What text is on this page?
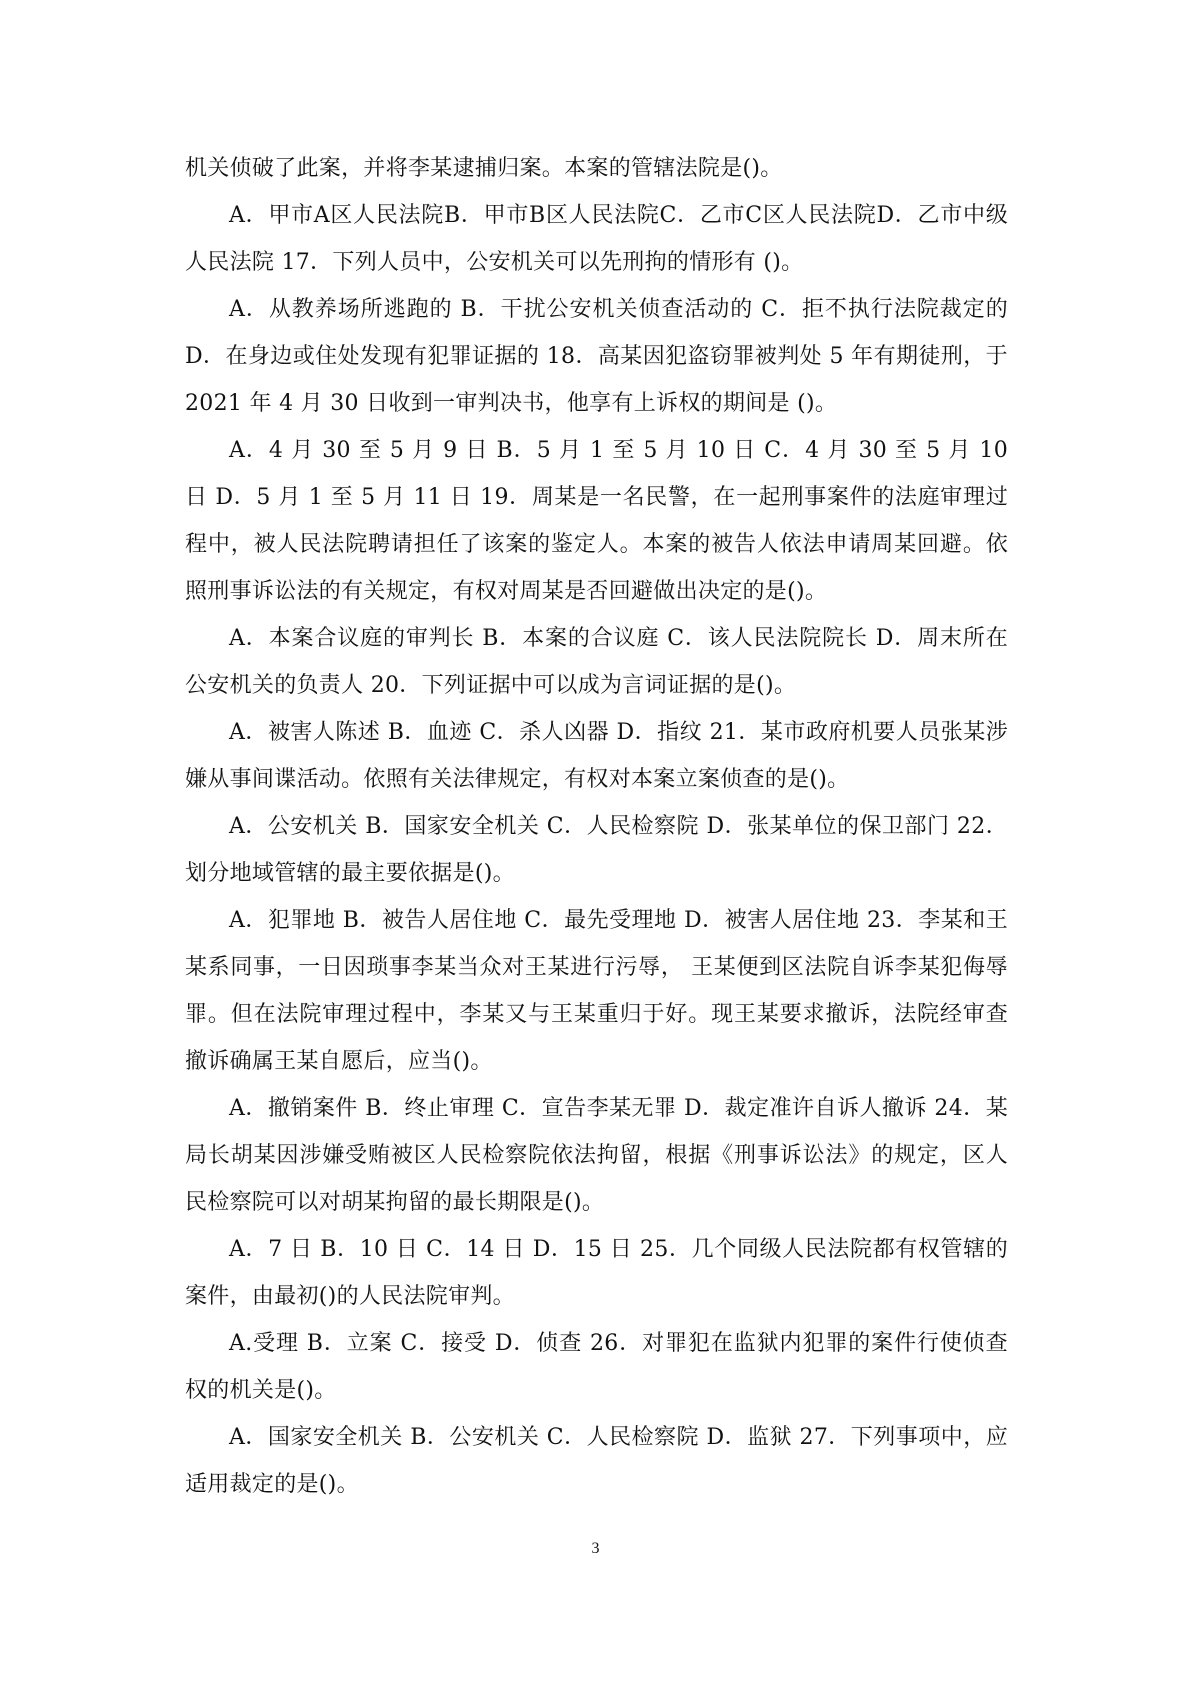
机关侦破了此案，并将李某逮捕归案。本案的管辖法院是()。

A．甲市A区人民法院B．甲市B区人民法院C．乙市C区人民法院D．乙市中级人民法院 17．下列人员中，公安机关可以先刑拘的情形有 ()。

A．从教养场所逃跑的 B．干扰公安机关侦查活动的 C．拒不执行法院裁定的 D．在身边或住处发现有犯罪证据的 18．高某因犯盗窃罪被判处 5 年有期徒刑，于 2021 年 4 月 30 日收到一审判决书，他享有上诉权的期间是 ()。

A．4 月 30 至 5 月 9 日 B．5 月 1 至 5 月 10 日 C．4 月 30 至 5 月 10 日 D．5 月 1 至 5 月 11 日 19．周某是一名民警，在一起刑事案件的法庭审理过程中，被人民法院聘请担任了该案的鉴定人。本案的被告人依法申请周某回避。依照刑事诉讼法的有关规定，有权对周某是否回避做出决定的是()。

A．本案合议庭的审判长 B．本案的合议庭 C．该人民法院院长 D．周末所在公安机关的负责人 20．下列证据中可以成为言词证据的是()。

A．被害人陈述 B．血迹 C．杀人凶器 D．指纹 21．某市政府机要人员张某涉嫌从事间谍活动。依照有关法律规定，有权对本案立案侦查的是()。

A．公安机关 B．国家安全机关 C．人民检察院 D．张某单位的保卫部门 22．划分地域管辖的最主要依据是()。

A．犯罪地 B．被告人居住地 C．最先受理地 D．被害人居住地 23．李某和王某系同事，一日因琐事李某当众对王某进行污辱， 王某便到区法院自诉李某犯侮辱罪。但在法院审理过程中，李某又与王某重归于好。现王某要求撤诉，法院经审查撤诉确属王某自愿后，应当()。

A．撤销案件 B．终止审理 C．宣告李某无罪 D．裁定准许自诉人撤诉 24．某局长胡某因涉嫌受贿被区人民检察院依法拘留，根据《刑事诉讼法》的规定，区人民检察院可以对胡某拘留的最长期限是()。

A．7 日 B．10 日 C．14 日 D．15 日 25．几个同级人民法院都有权管辖的案件，由最初()的人民法院审判。

A.受理 B．立案 C．接受 D．侦查 26．对罪犯在监狱内犯罪的案件行使侦查权的机关是()。

A．国家安全机关 B．公安机关 C．人民检察院 D．监狱 27．下列事项中，应适用裁定的是()。

3
